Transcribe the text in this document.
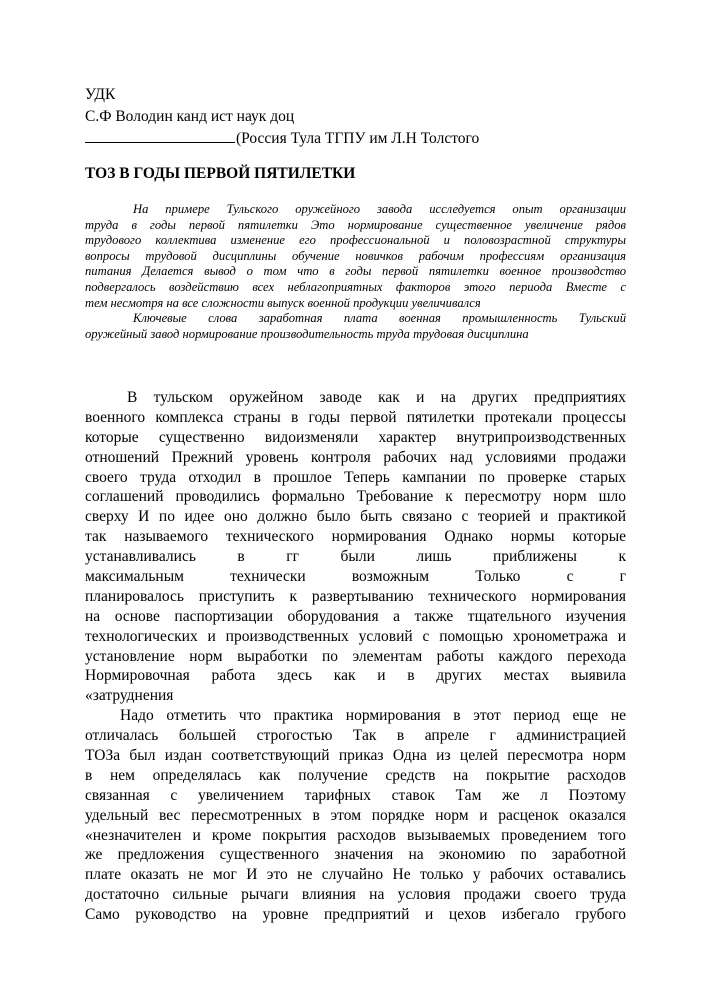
УДК
С.Ф Володин канд ист наук доц
(Россия Тула ТГПУ им Л.Н Толстого
ТОЗ В ГОДЫ ПЕРВОЙ ПЯТИЛЕТКИ
На примере Тульского оружейного завода исследуется опыт организации
труда в годы первой пятилетки Это нормирование существенное увеличение рядов
трудового коллектива изменение его профессиональной и половозрастной структуры
вопросы трудовой дисциплины обучение новичков рабочим профессиям организация
питания Делается вывод о том что в годы первой пятилетки военное производство
подвергалось воздействию всех неблагоприятных факторов этого периода Вместе с
тем несмотря на все сложности выпуск военной продукции увеличивался
Ключевые слова заработная плата военная промышленность Тульский
оружейный завод нормирование производительность труда трудовая дисциплина
В тульском оружейном заводе как и на других предприятиях
военного комплекса страны в годы первой пятилетки протекали процессы
которые существенно видоизменяли характер внутрипроизводственных
отношений Прежний уровень контроля рабочих над условиями продажи
своего труда отходил в прошлое Теперь кампании по проверке старых
соглашений проводились формально Требование к пересмотру норм шло
сверху И по идее оно должно было быть связано с теорией и практикой
так называемого технического нормирования Однако нормы которые
устанавливались в гг были лишь приближены к
максимальным технически возможным Только с г
планировалось приступить к развертыванию технического нормирования
на основе паспортизации оборудования а также тщательного изучения
технологических и производственных условий с помощью хронометража и
установление норм выработки по элементам работы каждого перехода
Нормировочная работа здесь как и в других местах выявила
«затруднения
Надо отметить что практика нормирования в этот период еще не
отличалась большей строгостью Так в апреле г администрацией
ТОЗа был издан соответствующий приказ Одна из целей пересмотра норм
в нем определялась как получение средств на покрытие расходов
связанная с увеличением тарифных ставок Там же л Поэтому
удельный вес пересмотренных в этом порядке норм и расценок оказался
«незначителен и кроме покрытия расходов вызываемых проведением того
же предложения существенного значения на экономию по заработной
плате оказать не мог И это не случайно Не только у рабочих оставались
достаточно сильные рычаги влияния на условия продажи своего труда
Само руководство на уровне предприятий и цехов избегало грубого
